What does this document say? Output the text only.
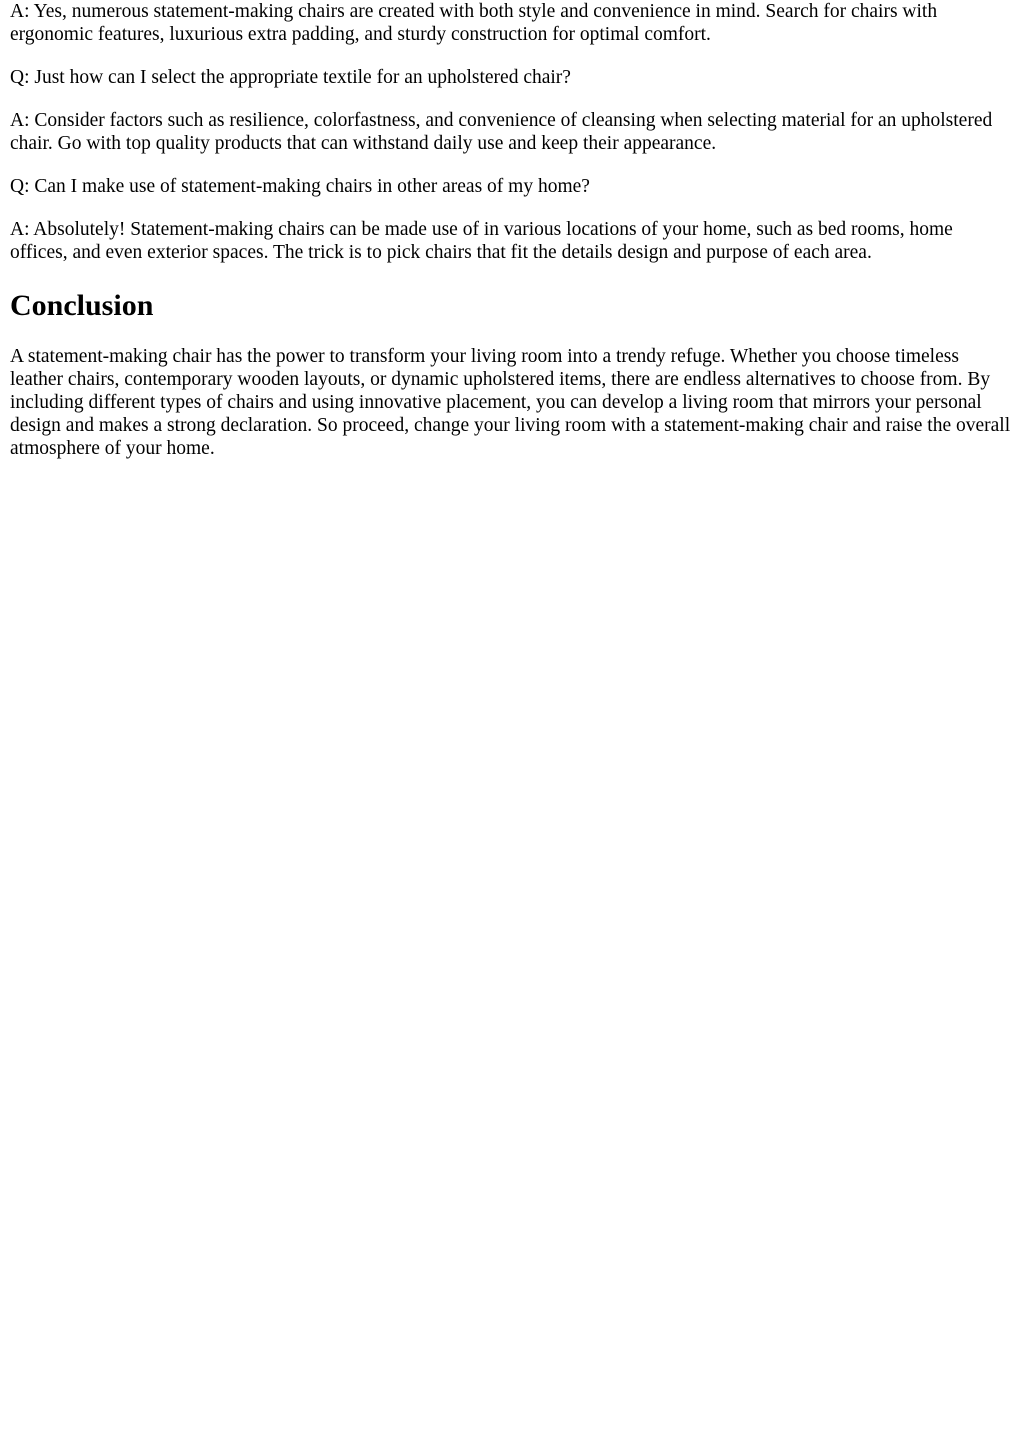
A: Yes, numerous statement-making chairs are created with both style and convenience in mind. Search for chairs with ergonomic features, luxurious extra padding, and sturdy construction for optimal comfort.

Q: Just how can I select the appropriate textile for an upholstered chair?

A: Consider factors such as resilience, colorfastness, and convenience of cleansing when selecting material for an upholstered chair. Go with top quality products that can withstand daily use and keep their appearance.

Q: Can I make use of statement-making chairs in other areas of my home?

A: Absolutely! Statement-making chairs can be made use of in various locations of your home, such as bed rooms, home offices, and even exterior spaces. The trick is to pick chairs that fit the details design and purpose of each area.

Conclusion

A statement-making chair has the power to transform your living room into a trendy refuge. Whether you choose timeless leather chairs, contemporary wooden layouts, or dynamic upholstered items, there are endless alternatives to choose from. By including different types of chairs and using innovative placement, you can develop a living room that mirrors your personal design and makes a strong declaration. So proceed, change your living room with a statement-making chair and raise the overall atmosphere of your home.
